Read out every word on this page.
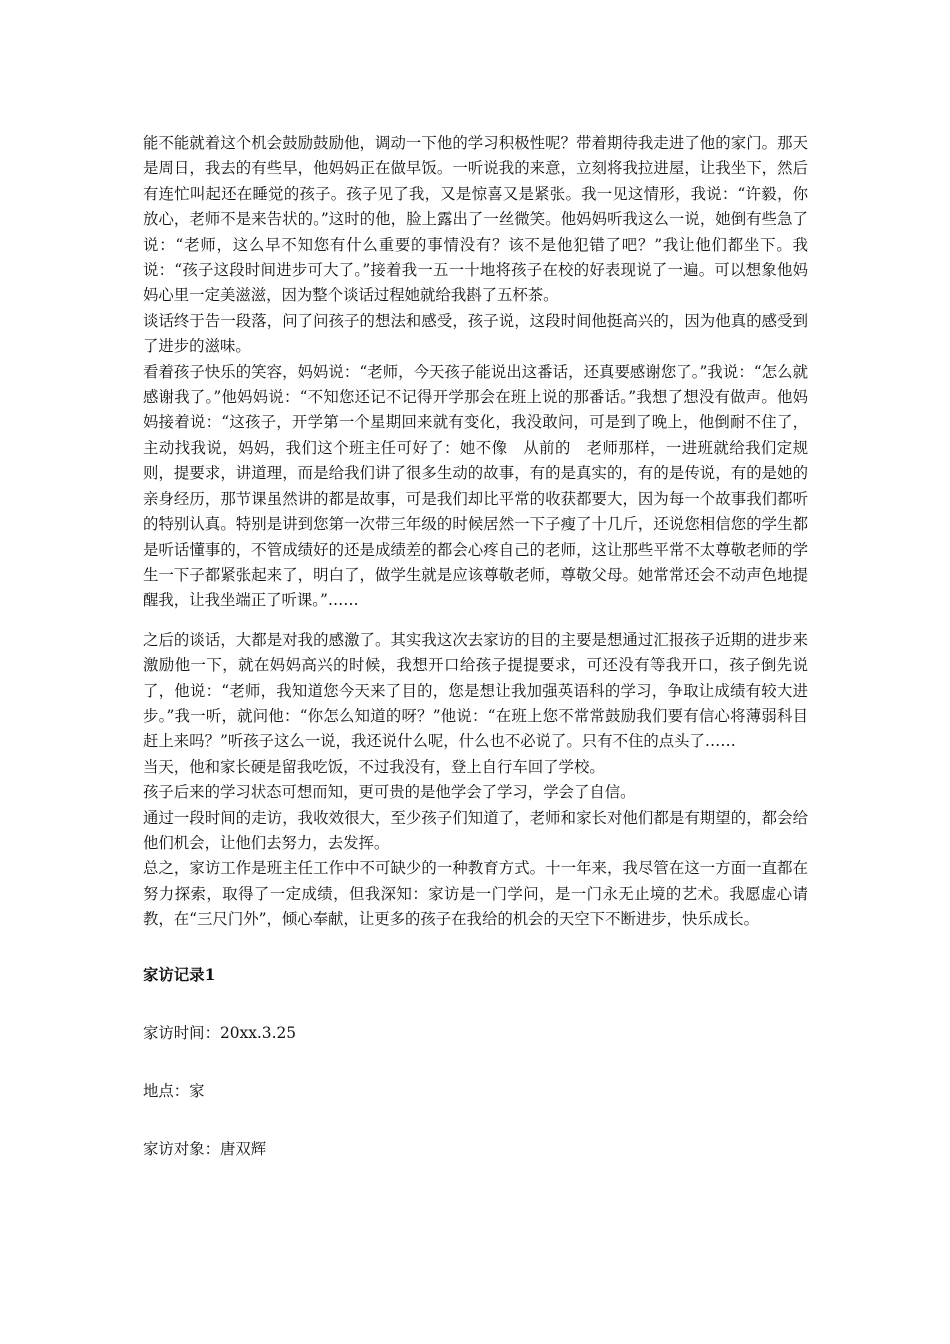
能不能就着这个机会鼓励鼓励他，调动一下他的学习积极性呢？带着期待我走进了他的家门。那天是周日，我去的有些早，他妈妈正在做早饭。一听说我的来意，立刻将我拉进屋，让我坐下，然后有连忙叫起还在睡觉的孩子。孩子见了我，又是惊喜又是紧张。我一见这情形，我说：“许毅，你放心，老师不是来告状的。”这时的他，脸上露出了一丝微笑。他妈妈听我这么一说，她倒有些急了说：“老师，这么早不知您有什么重要的事情没有？该不是他犯错了吧？”我让他们都坐下。我说：“孩子这段时间进步可大了。”接着我一五一十地将孩子在校的好表现说了一遍。可以想象他妈妈心里一定美滋滋，因为整个谈话过程她就给我斟了五杯茶。

谈话终于告一段落，问了问孩子的想法和感受，孩子说，这段时间他挺高兴的，因为他真的感受到了进步的滋味。

看着孩子快乐的笑容，妈妈说：“老师，今天孩子能说出这番话，还真要感谢您了。”我说：“怎么就感谢我了。”他妈妈说：“不知您还记不记得开学那会在班上说的那番话。”我想了想没有做声。他妈妈接着说：“这孩子，开学第一个星期回来就有变化，我没敢问，可是到了晚上，他倒耐不住了，主动找我说，妈妈，我们这个班主任可好了：她不像　从前的　老师那样，一进班就给我们定规则，提要求，讲道理，而是给我们讲了很多生动的故事，有的是真实的，有的是传说，有的是她的亲身经历，那节课虽然讲的都是故事，可是我们却比平常的收获都要大，因为每一个故事我们都听的特别认真。特别是讲到您第一次带三年级的时候居然一下子瘦了十几斤，还说您相信您的学生都是听话懂事的，不管成绩好的还是成绩差的都会心疼自己的老师，这让那些平常不太尊敬老师的学生一下子都紧张起来了，明白了，做学生就是应该尊敬老师，尊敬父母。她常常还会不动声色地提醒我，让我坐端正了听课。”……

之后的谈话，大都是对我的感激了。其实我这次去家访的目的主要是想通过汇报孩子近期的进步来激励他一下，就在妈妈高兴的时候，我想开口给孩子提提要求，可还没有等我开口，孩子倒先说了，他说：“老师，我知道您今天来了目的，您是想让我加强英语科的学习，争取让成绩有较大进步。”我一听，就问他：“你怎么知道的呀？”他说：“在班上您不常常鼓励我们要有信心将薄弱科目赶上来吗？”听孩子这么一说，我还说什么呢，什么也不必说了。只有不住的点头了……

当天，他和家长硬是留我吃饭，不过我没有，登上自行车回了学校。

孩子后来的学习状态可想而知，更可贵的是他学会了学习，学会了自信。

通过一段时间的走访，我收效很大，至少孩子们知道了，老师和家长对他们都是有期望的，都会给他们机会，让他们去努力，去发挥。

总之，家访工作是班主任工作中不可缺少的一种教育方式。十一年来，我尽管在这一方面一直都在努力探索，取得了一定成绩，但我深知：家访是一门学问，是一门永无止境的艺术。我愿虚心请教，在“三尺门外”，倾心奉献，让更多的孩子在我给的机会的天空下不断进步，快乐成长。

家访记录1

家访时间：20xx.3.25

地点：家

家访对象：唐双辉
